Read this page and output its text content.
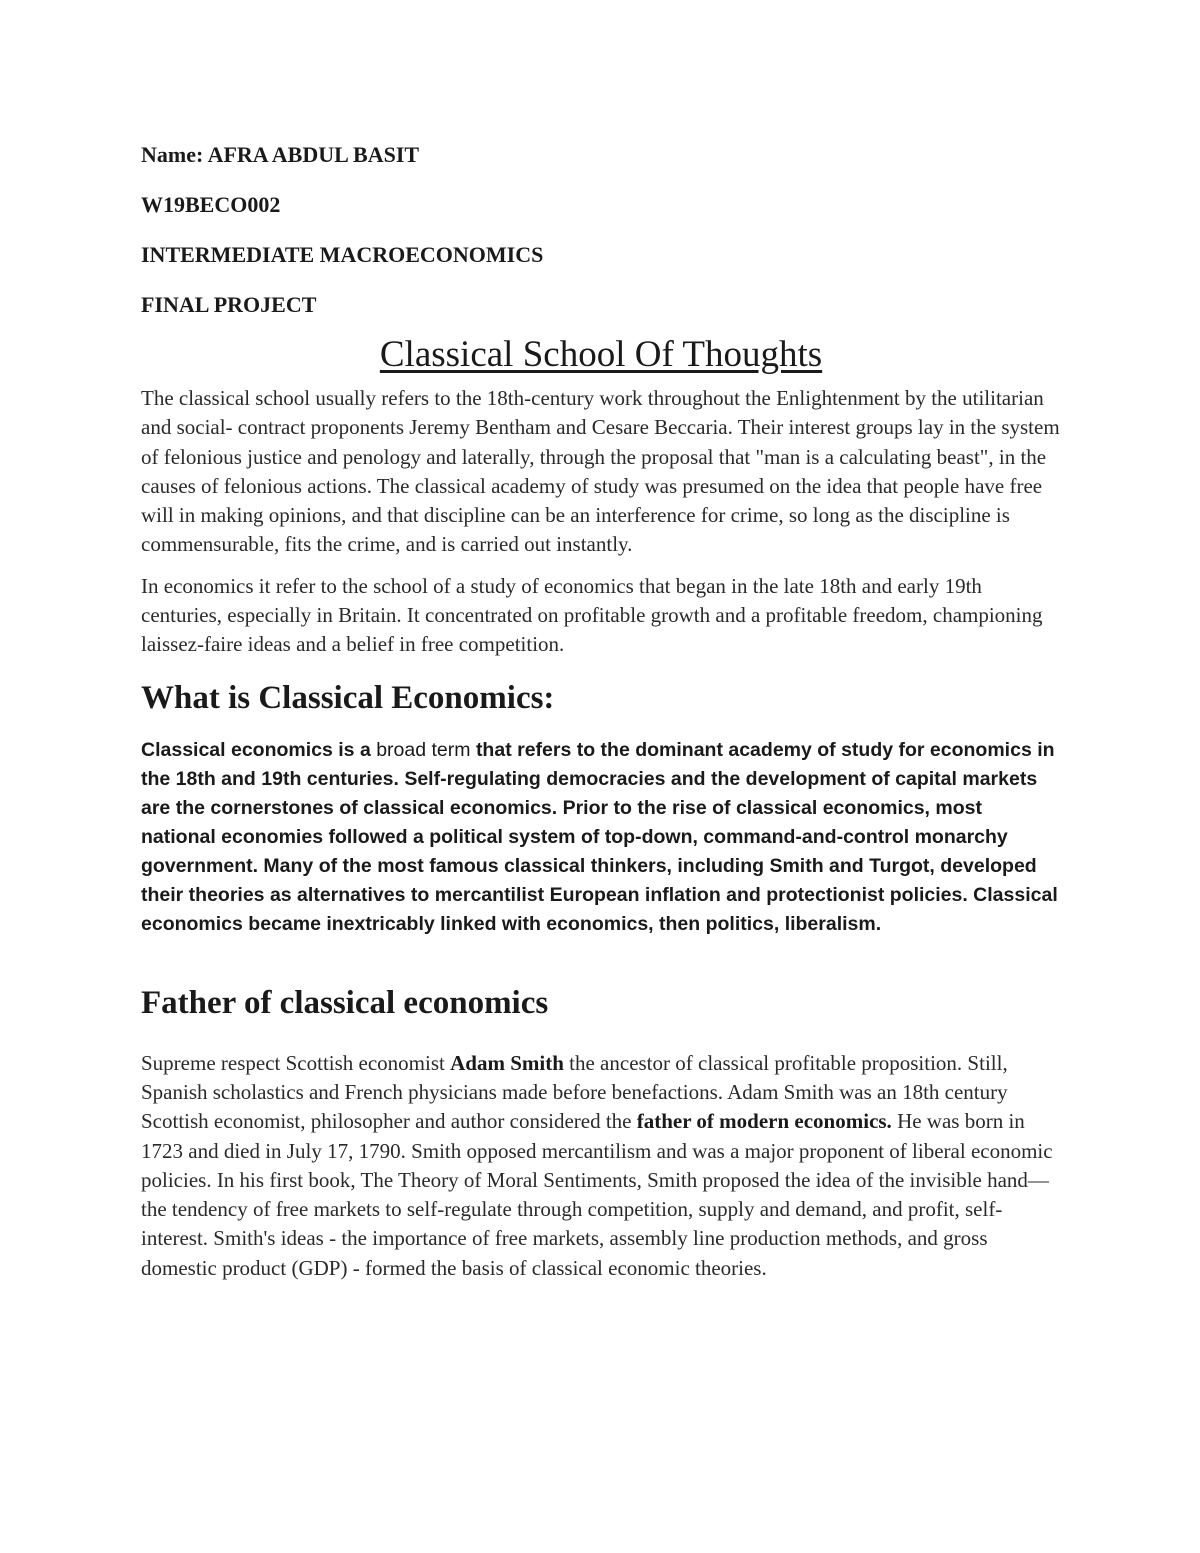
Name: AFRA ABDUL BASIT

W19BECO002

INTERMEDIATE MACROECONOMICS

FINAL PROJECT

Classical School Of Thoughts

The classical school usually refers to the 18th-century work throughout the Enlightenment by the utilitarian and social- contract proponents Jeremy Bentham and Cesare Beccaria. Their interest groups lay in the system of felonious justice and penology and laterally, through the proposal that "man is a calculating beast", in the causes of felonious actions. The classical academy of study was presumed on the idea that people have free will in making opinions, and that discipline can be an interference for crime, so long as the discipline is commensurable, fits the crime, and is carried out instantly.

In economics it refer to the school of a study of economics that began in the late 18th and early 19th centuries, especially in Britain. It concentrated on profitable growth and a profitable freedom, championing laissez-faire ideas and a belief in free competition.

What is Classical Economics:

Classical economics is a broad term that refers to the dominant academy of study for economics in the 18th and 19th centuries. Self-regulating democracies and the development of capital markets are the cornerstones of classical economics. Prior to the rise of classical economics, most national economies followed a political system of top-down, command-and-control monarchy government. Many of the most famous classical thinkers, including Smith and Turgot, developed their theories as alternatives to mercantilist European inflation and protectionist policies. Classical economics became inextricably linked with economics, then politics, liberalism.

Father of classical economics

Supreme respect Scottish economist Adam Smith the ancestor of classical profitable proposition. Still, Spanish scholastics and French physicians made before benefactions. Adam Smith was an 18th century Scottish economist, philosopher and author considered the father of modern economics. He was born in 1723 and died in July 17, 1790. Smith opposed mercantilism and was a major proponent of liberal economic policies. In his first book, The Theory of Moral Sentiments, Smith proposed the idea of the invisible hand—the tendency of free markets to self-regulate through competition, supply and demand, and profit, self-interest. Smith's ideas - the importance of free markets, assembly line production methods, and gross domestic product (GDP) - formed the basis of classical economic theories.
